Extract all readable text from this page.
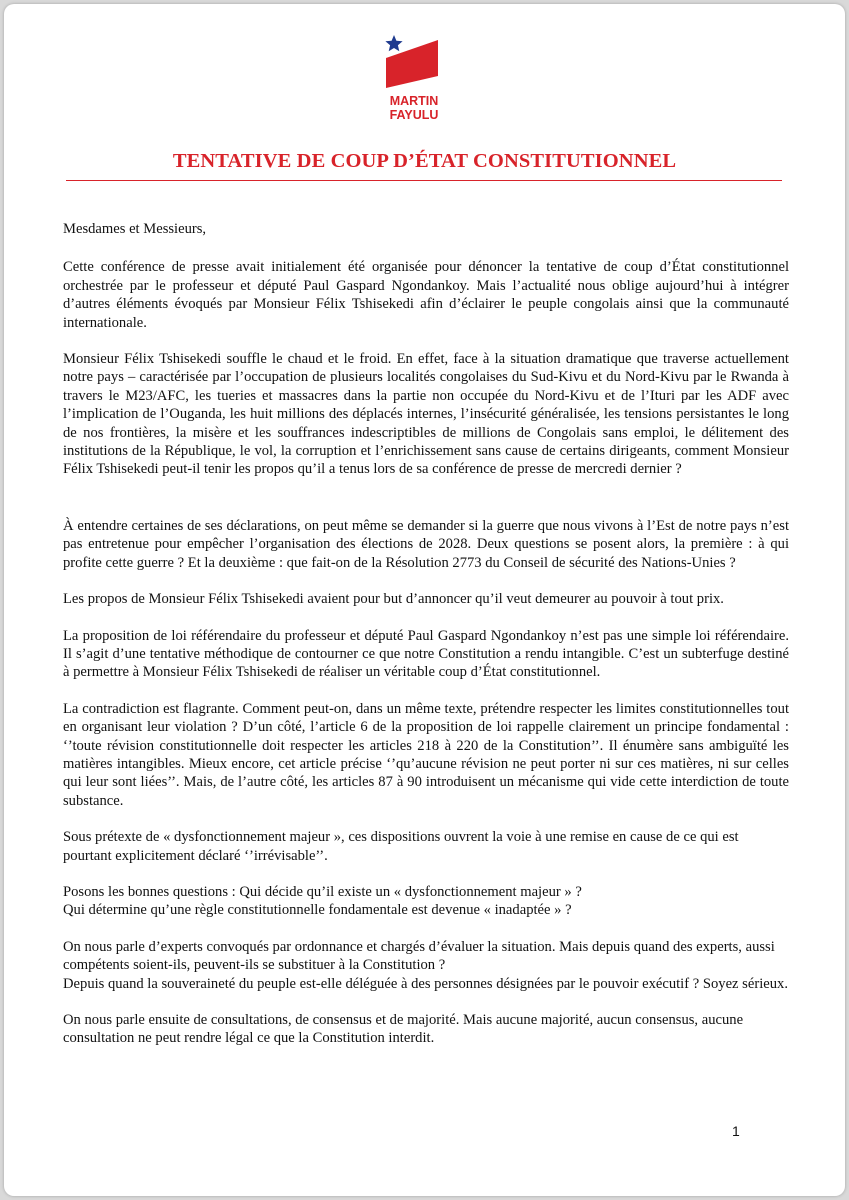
MARTIN
FAYULU
TENTATIVE DE COUP D’ÉTAT CONSTITUTIONNEL

Mesdames et Messieurs,

Cette conférence de presse avait initialement été organisée pour dénoncer la tentative de coup d’État constitutionnel orchestrée par le professeur et député Paul Gaspard Ngondankoy. Mais l’actualité nous oblige aujourd’hui à intégrer d’autres éléments évoqués par Monsieur Félix Tshisekedi afin d’éclairer le peuple congolais ainsi que la communauté internationale.

Monsieur Félix Tshisekedi souffle le chaud et le froid. En effet, face à la situation dramatique que traverse actuellement notre pays – caractérisée par l’occupation de plusieurs localités congolaises du Sud-Kivu et du Nord-Kivu par le Rwanda à travers le M23/AFC, les tueries et massacres dans la partie non occupée du Nord-Kivu et de l’Ituri par les ADF avec l’implication de l’Ouganda, les huit millions des déplacés internes, l’insécurité généralisée, les tensions persistantes le long de nos frontières, la misère et les souffrances indescriptibles de millions de Congolais sans emploi, le délitement des institutions de la République, le vol, la corruption et l’enrichissement sans cause de certains dirigeants, comment Monsieur Félix Tshisekedi peut-il tenir les propos qu’il a tenus lors de sa conférence de presse de mercredi dernier ?

À entendre certaines de ses déclarations, on peut même se demander si la guerre que nous vivons à l’Est de notre pays n’est pas entretenue pour empêcher l’organisation des élections de 2028. Deux questions se posent alors, la première : à qui profite cette guerre ? Et la deuxième : que fait-on de la Résolution 2773 du Conseil de sécurité des Nations-Unies ?

Les propos de Monsieur Félix Tshisekedi avaient pour but d’annoncer qu’il veut demeurer au pouvoir à tout prix.

La proposition de loi référendaire du professeur et député Paul Gaspard Ngondankoy n’est pas une simple loi référendaire. Il s’agit d’une tentative méthodique de contourner ce que notre Constitution a rendu intangible. C’est un subterfuge destiné à permettre à Monsieur Félix Tshisekedi de réaliser un véritable coup d’État constitutionnel.

La contradiction est flagrante. Comment peut-on, dans un même texte, prétendre respecter les limites constitutionnelles tout en organisant leur violation ? D’un côté, l’article 6 de la proposition de loi rappelle clairement un principe fondamental : ‘’toute révision constitutionnelle doit respecter les articles 218 à 220 de la Constitution’’. Il énumère sans ambiguïté les matières intangibles. Mieux encore, cet article précise ‘’qu’aucune révision ne peut porter ni sur ces matières, ni sur celles qui leur sont liées’’. Mais, de l’autre côté, les articles 87 à 90 introduisent un mécanisme qui vide cette interdiction de toute substance.

Sous prétexte de « dysfonctionnement majeur », ces dispositions ouvrent la voie à une remise en cause de ce qui est pourtant explicitement déclaré ‘’irrévisable’’.

Posons les bonnes questions : Qui décide qu’il existe un « dysfonctionnement majeur » ?

Qui détermine qu’une règle constitutionnelle fondamentale est devenue « inadaptée » ?

On nous parle d’experts convoqués par ordonnance et chargés d’évaluer la situation. Mais depuis quand des experts, aussi compétents soient-ils, peuvent-ils se substituer à la Constitution ?

Depuis quand la souveraineté du peuple est-elle déléguée à des personnes désignées par le pouvoir exécutif ? Soyez sérieux.

On nous parle ensuite de consultations, de consensus et de majorité. Mais aucune majorité, aucun consensus, aucune consultation ne peut rendre légal ce que la Constitution interdit.

1
